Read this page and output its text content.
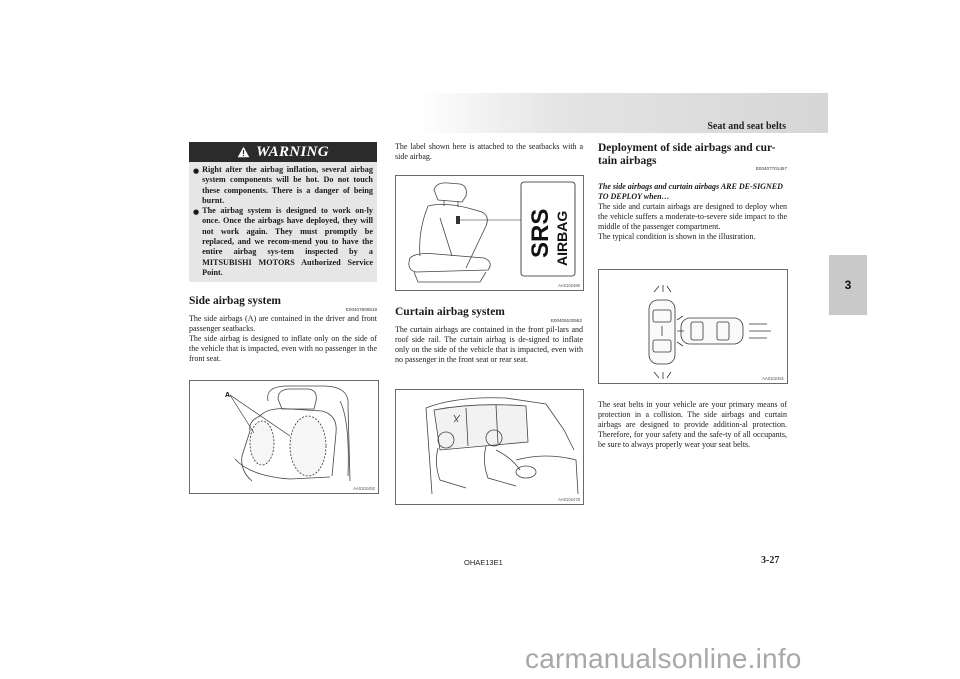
Seat and seat belts
3
WARNING
● Right after the airbag inflation, several airbag system components will be hot. Do not touch these components. There is a danger of being burnt.

● The airbag system is designed to work on-ly once. Once the airbags have deployed, they will not work again. They must promptly be replaced, and we recom-mend you to have the entire airbag sys-tem inspected by a MITSUBISHI MOTORS Authorized Service Point.

Side airbag system
E00407600518

The side airbags (A) are contained in the driver and front passenger seatbacks.

The side airbag is designed to inflate only on the side of the vehicle that is impacted, even with no passenger in the front seat.

A
AA0102492

The label shown here is attached to the seatbacks with a side airbag.

SRS AIRBAG
AA0102485
Curtain airbag system
E00409100562

The curtain airbags are contained in the front pil-lars and roof side rail. The curtain airbag is de-signed to inflate only on the side of the vehicle that is impacted, even with no passenger in the front seat or rear seat.

AA0102478
Deployment of side airbags and cur-tain airbags
E00407701457

The side airbags and curtain airbags ARE DE-SIGNED TO DEPLOY when…

The side and curtain airbags are designed to deploy when the vehicle suffers a moderate-to-severe side impact to the middle of the passenger compartment.

The typical condition is shown in the illustration.

AA0102481

The seat belts in your vehicle are your primary means of protection in a collision. The side airbags and curtain airbags are designed to provide addition-al protection. Therefore, for your safety and the safe-ty of all occupants, be sure to always properly wear your seat belts.

OHAE13E1	3-27
carmanualsonline.info
